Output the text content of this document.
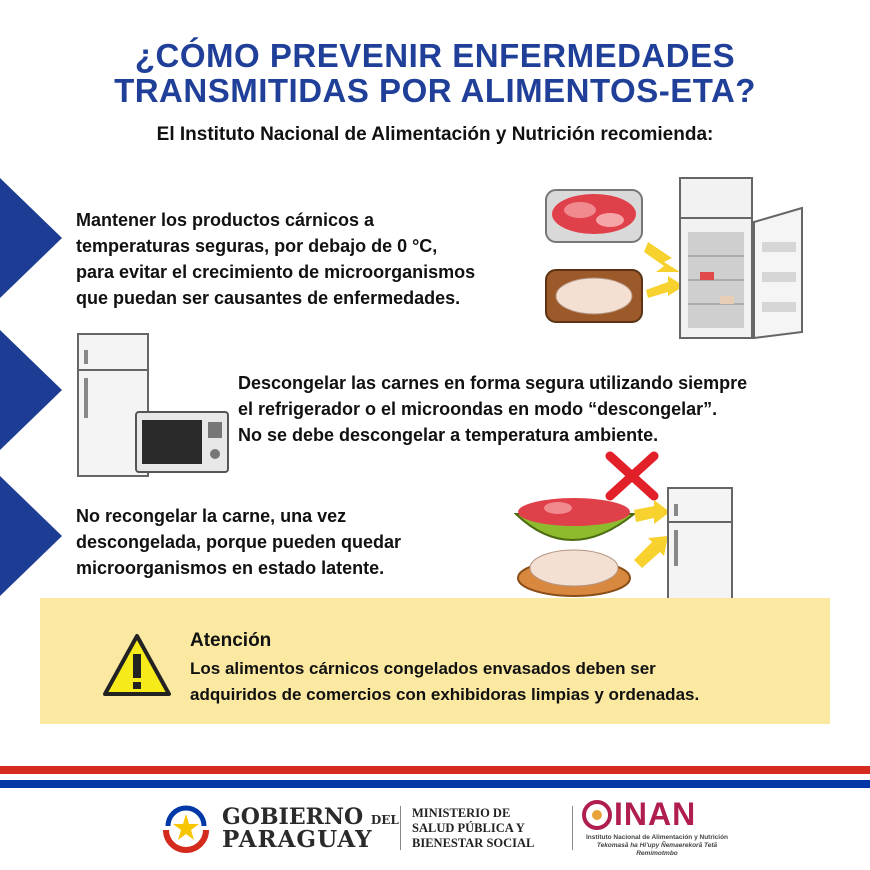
¿CÓMO PREVENIR ENFERMEDADES
TRANSMITIDAS POR ALIMENTOS-ETA?
El Instituto Nacional de Alimentación y Nutrición recomienda:
Mantener los productos cárnicos a
temperaturas seguras, por debajo de 0 °C,
para evitar el crecimiento de microorganismos
que puedan ser causantes de enfermedades.
Descongelar las carnes en forma segura utilizando siempre
el refrigerador o el microondas en modo “descongelar”.
No se debe descongelar a temperatura ambiente.
No recongelar la carne, una vez
descongelada, porque pueden quedar
microorganismos en estado latente.
Atención
Los alimentos cárnicos congelados envasados deben ser
adquiridos de comercios con exhibidoras limpias y ordenadas.
GOBIERNO DEL
PARAGUAY
MINISTERIO DE
SALUD PÚBLICA Y
BIENESTAR SOCIAL
INAN
Instituto Nacional de Alimentación y Nutrición
Tekomasã ha Hi'upy Ñemaerekorã Tetã Remimotmbo
